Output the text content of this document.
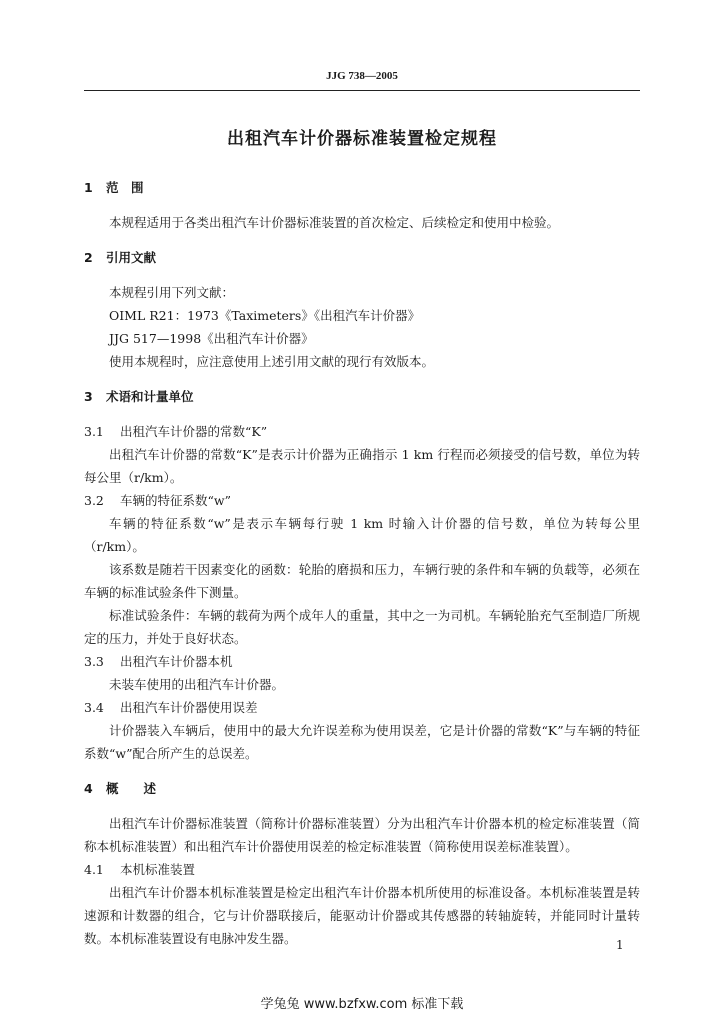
JJG 738—2005
出租汽车计价器标准装置检定规程
1 范　围

本规程适用于各类出租汽车计价器标准装置的首次检定、后续检定和使用中检验。

2 引用文献

本规程引用下列文献：

OIML R21：1973《Taximeters》《出租汽车计价器》

JJG 517—1998《出租汽车计价器》

使用本规程时，应注意使用上述引用文献的现行有效版本。

3 术语和计量单位

3.1 出租汽车计价器的常数“K”

出租汽车计价器的常数“K”是表示计价器为正确指示 1 km 行程而必须接受的信号数，单位为转每公里（r/km）。

3.2 车辆的特征系数“w”

车辆的特征系数“w”是表示车辆每行驶 1 km 时输入计价器的信号数，单位为转每公里（r/km）。

该系数是随若干因素变化的函数：轮胎的磨损和压力，车辆行驶的条件和车辆的负载等，必须在车辆的标准试验条件下测量。

标准试验条件：车辆的载荷为两个成年人的重量，其中之一为司机。车辆轮胎充气至制造厂所规定的压力，并处于良好状态。

3.3 出租汽车计价器本机

未装车使用的出租汽车计价器。

3.4 出租汽车计价器使用误差

计价器装入车辆后，使用中的最大允许误差称为使用误差，它是计价器的常数“K”与车辆的特征系数“w”配合所产生的总误差。

4 概　　述

出租汽车计价器标准装置（简称计价器标准装置）分为出租汽车计价器本机的检定标准装置（简称本机标准装置）和出租汽车计价器使用误差的检定标准装置（简称使用误差标准装置）。

4.1 本机标准装置

出租汽车计价器本机标准装置是检定出租汽车计价器本机所使用的标准设备。本机标准装置是转速源和计数器的组合，它与计价器联接后，能驱动计价器或其传感器的转轴旋转，并能同时计量转数。本机标准装置设有电脉冲发生器。	1
学兔兔 www.bzfxw.com 标准下载
